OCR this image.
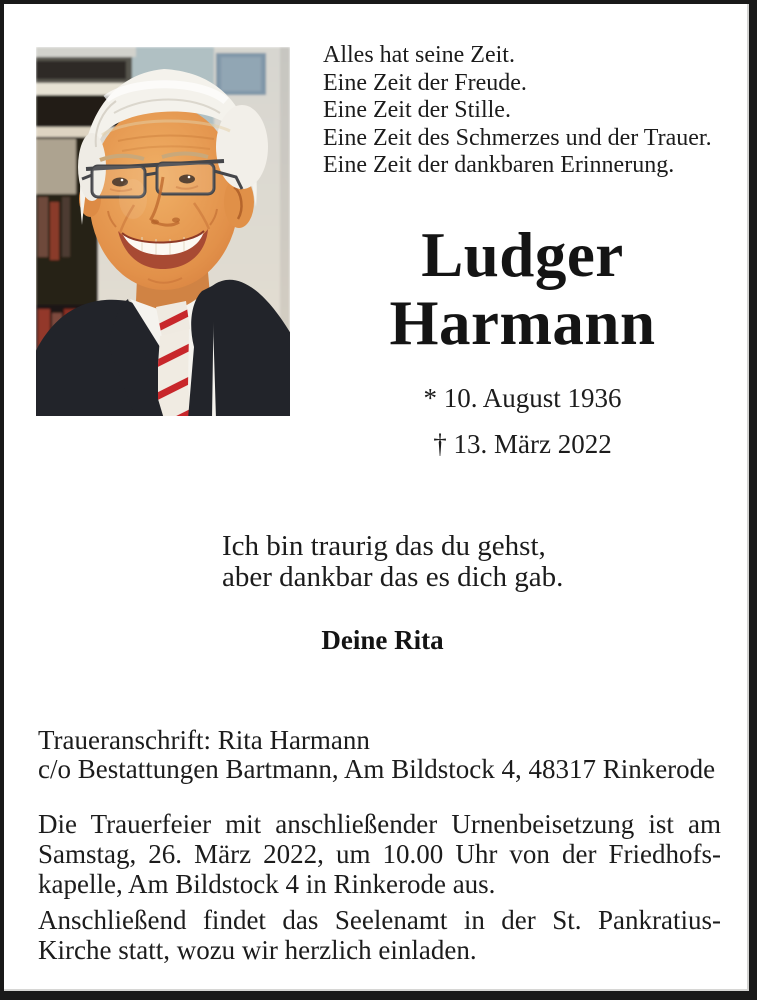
Alles hat seine Zeit.
Eine Zeit der Freude.
Eine Zeit der Stille.
Eine Zeit des Schmerzes und der Trauer.
Eine Zeit der dankbaren Erinnerung.
Ludger
Harmann
* 10. August 1936
† 13. März 2022
Ich bin traurig das du gehst,
aber dankbar das es dich gab.
Deine Rita
Traueranschrift: Rita Harmann
c/o Bestattungen Bartmann, Am Bildstock 4, 48317 Rinkerode
Die Trauerfeier mit anschließender Urnenbeisetzung ist am
Samstag, 26. März 2022, um 10.00 Uhr von der Friedhofs-
kapelle, Am Bildstock 4 in Rinkerode aus.
Anschließend findet das Seelenamt in der St. Pankratius-
Kirche statt, wozu wir herzlich einladen.
